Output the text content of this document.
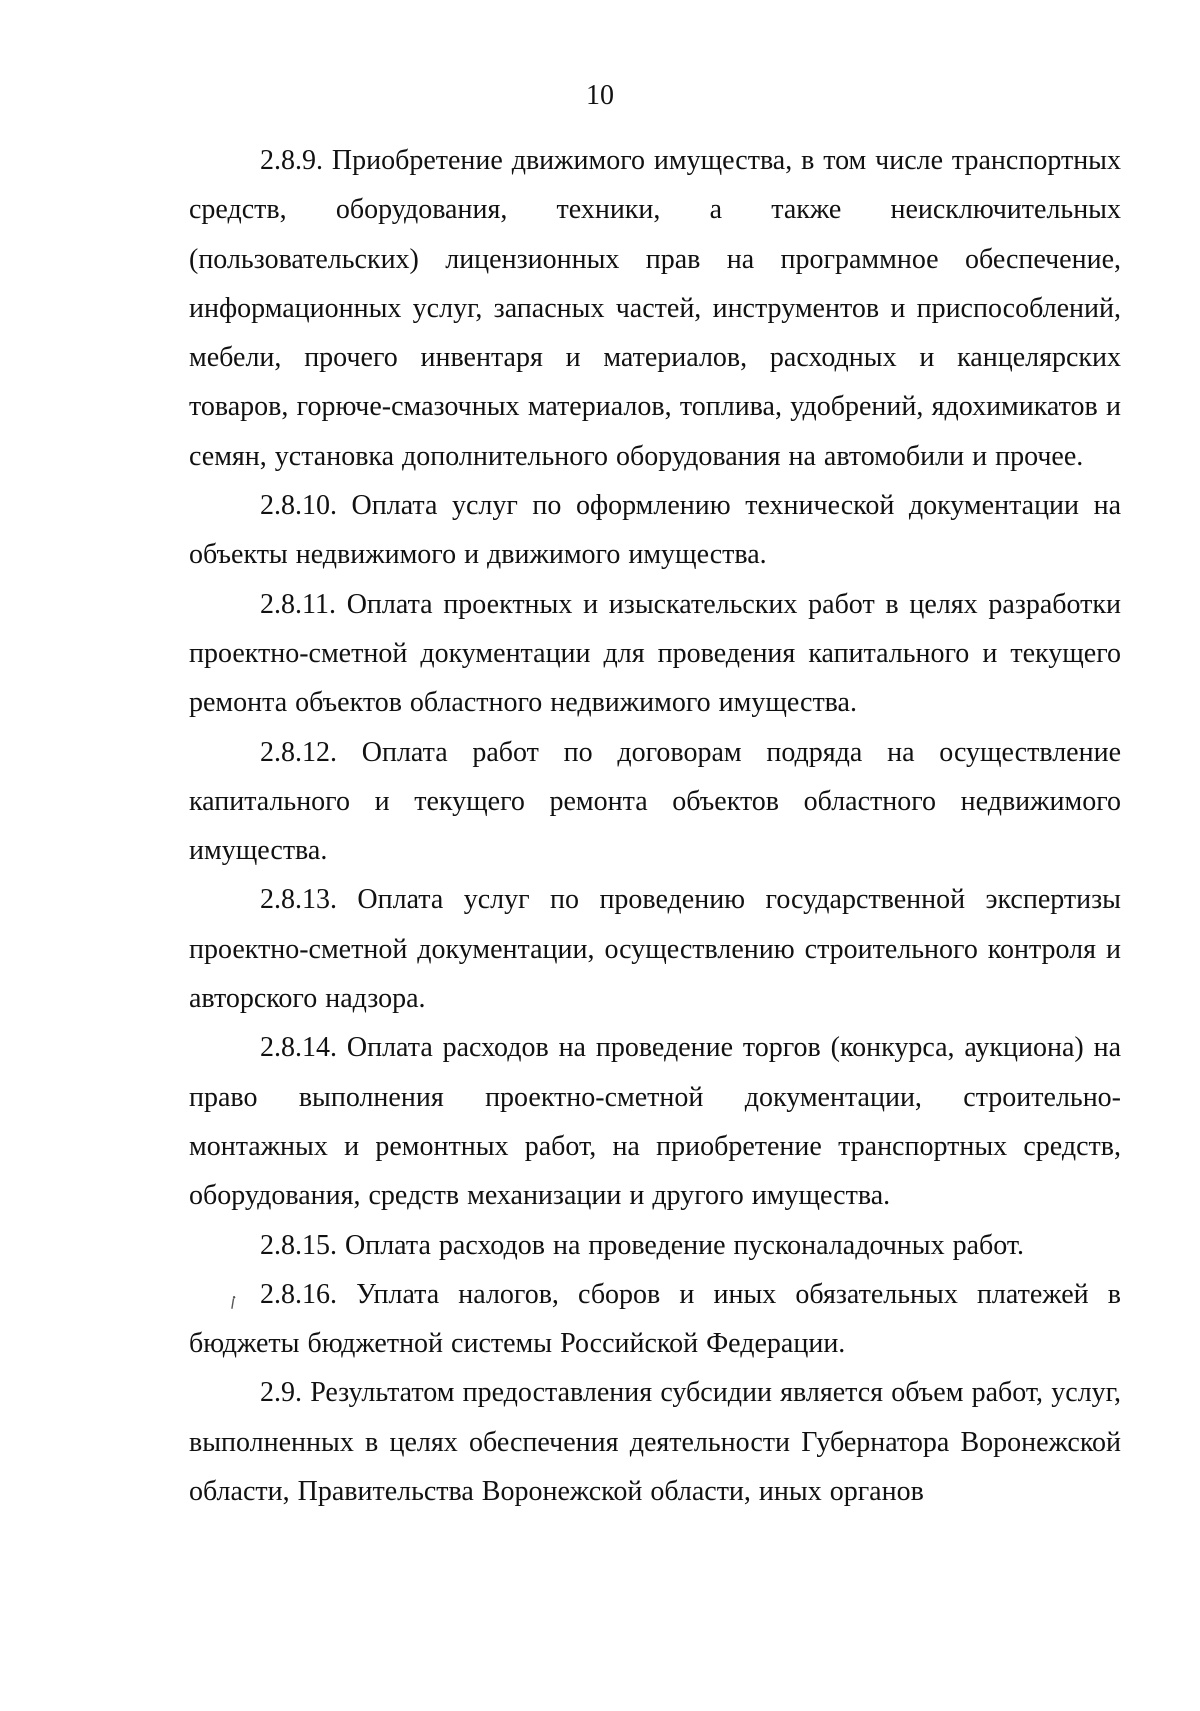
10

2.8.9. Приобретение движимого имущества, в том числе транспортных средств, оборудования, техники, а также неисключительных (пользовательских) лицензионных прав на программное обеспечение, информационных услуг, запасных частей, инструментов и приспособлений, мебели, прочего инвентаря и материалов, расходных и канцелярских товаров, горюче-смазочных материалов, топлива, удобрений, ядохимикатов и семян, установка дополнительного оборудования на автомобили и прочее.

2.8.10. Оплата услуг по оформлению технической документации на объекты недвижимого и движимого имущества.

2.8.11. Оплата проектных и изыскательских работ в целях разработки проектно-сметной документации для проведения капитального и текущего ремонта объектов областного недвижимого имущества.

2.8.12. Оплата работ по договорам подряда на осуществление капитального и текущего ремонта объектов областного недвижимого имущества.

2.8.13. Оплата услуг по проведению государственной экспертизы проектно-сметной документации, осуществлению строительного контроля и авторского надзора.

2.8.14. Оплата расходов на проведение торгов (конкурса, аукциона) на право выполнения проектно-сметной документации, строительно-монтажных и ремонтных работ, на приобретение транспортных средств, оборудования, средств механизации и другого имущества.

2.8.15. Оплата расходов на проведение пусконаладочных работ.

2.8.16. Уплата налогов, сборов и иных обязательных платежей в бюджеты бюджетной системы Российской Федерации.

2.9. Результатом предоставления субсидии является объем работ, услуг, выполненных в целях обеспечения деятельности Губернатора Воронежской области, Правительства Воронежской области, иных органов
